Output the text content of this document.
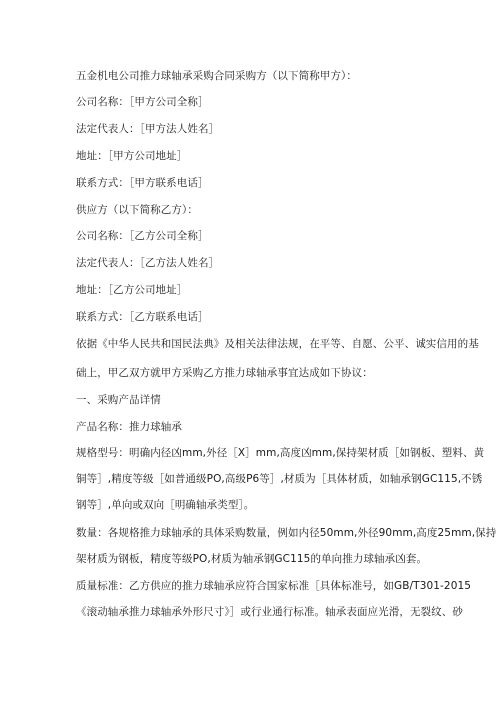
五金机电公司推力球轴承采购合同采购方（以下简称甲方）：
公司名称：［甲方公司全称］
法定代表人：［甲方法人姓名］
地址：［甲方公司地址］
联系方式：［甲方联系电话］
供应方（以下简称乙方）：
公司名称：［乙方公司全称］
法定代表人：［乙方法人姓名］
地址：［乙方公司地址］
联系方式：［乙方联系电话］
依据《中华人民共和国民法典》及相关法律法规，在平等、自愿、公平、诚实信用的基
础上，甲乙双方就甲方采购乙方推力球轴承事宜达成如下协议：
一、采购产品详情
产品名称：推力球轴承
规格型号：明确内径凶mm,外径［X］mm,高度凶mm,保持架材质［如钢板、塑料、黄
铜等］,精度等级［如普通级PO,高级P6等］,材质为［具体材质，如轴承钢GC115,不锈
钢等］,单向或双向［明确轴承类型］。
数量：各规格推力球轴承的具体采购数量，例如内径50mm,外径90mm,高度25mm,保持
架材质为钢板，精度等级PO,材质为轴承钢GC115的单向推力球轴承凶套。
质量标准：乙方供应的推力球轴承应符合国家标准［具体标准号，如GB/T301-2015
《滚动轴承推力球轴承外形尺寸》］或行业通行标准。轴承表面应光滑，无裂纹、砂
